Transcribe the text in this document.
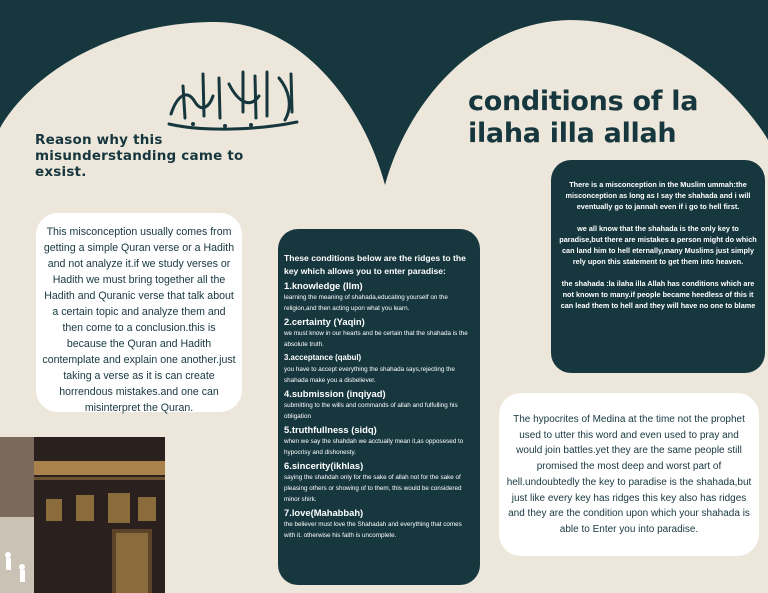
Reason why this misunderstanding came to exsist.
conditions of la ilaha illa allah

This misconception usually comes from getting a simple Quran verse or a Hadith and not analyze it.if we study verses or Hadith we must bring together all the Hadith and Quranic verse that talk about a certain topic and analyze them and then come to a conclusion.this is because the Quran and Hadith contemplate and explain one another.just taking a verse as it is can create horrendous mistakes.and one can misinterpret the Quran.

These conditions below are the ridges to the key which allows you to enter paradise:
1.knowledge (Ilm)
learning the meaning of shahada,educating yourself on the religion,and then acting upon what you learn.
2.certainty (Yaqin)
we must know in our hearts and be certain that the shahada is the absolute truth.
3.acceptance (qabul)
you have to accept everything the shahada says,rejecting the shahada make you a disbeliever.
4.submission (inqiyad)
submitting to the wills and commands of allah and fulfulling his obligation
5.truthfullness (sidq)
when we say the shahdah we acctually mean it,as opposesed to hypocrisy and dishonesty.
6.sincerity(ikhlas)
saying the shahdah only for the sake of allah not for the sake of pleasing others or showing of to them, this would be considered minor shirk.
7.love(Mahabbah)
the believer must love the Shahadah and everything that comes with it. otherwise his faith is uncomplete.

There is a misconception in the Muslim ummah:the misconception as long as I say the shahada and i will eventually go to jannah even if i go to hell first.

we all know that the shahada is the only key to paradise,but there are mistakes a person might do which can land him to hell eternally,many Muslims just simply rely upon this statement to get them into heaven.

the shahada :la ilaha illa Allah has conditions which are not known to many.if people became heedless of this it can lead them to hell and they will have no one to blame

The hypocrites of Medina at the time not the prophet used to utter this word and even used to pray and would join battles.yet they are the same people still promised the most deep and worst part of hell.undoubtedly the key to paradise is the shahada,but just like every key has ridges this key also has ridges and they are the condition upon which your shahada is able to Enter you into paradise.
